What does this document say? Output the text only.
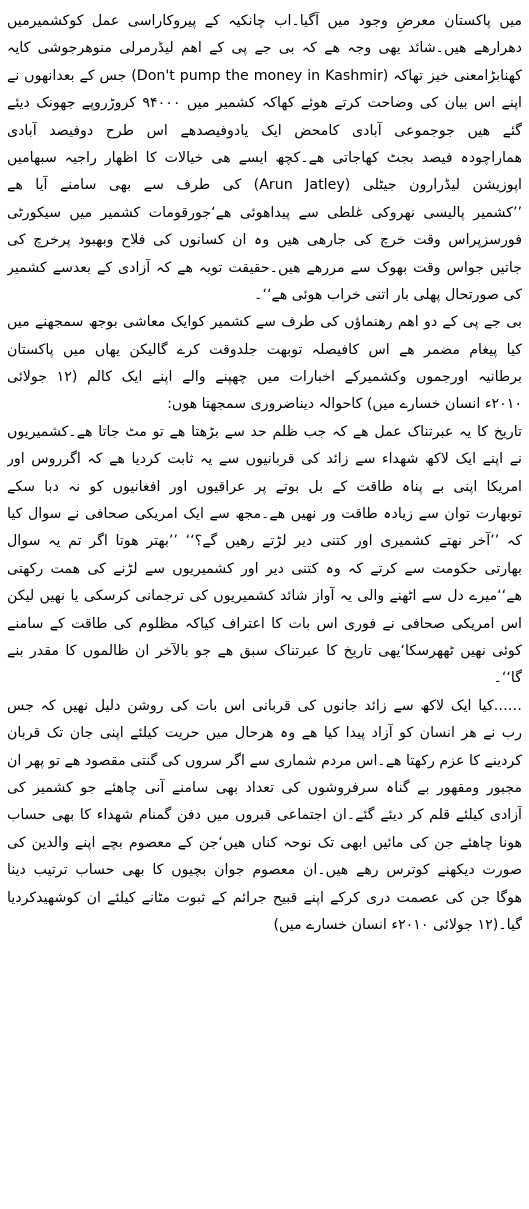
میں پاکستان معرضِ وجود میں آگیا۔اب چانکیہ کے پیروکاراسی عمل کوکشمیرمیں
دھرارھے ھیں۔شائد یھی وجہ ھے کہ بی جے پی کے اھم لیڈرمرلی منوھرجوشی کایہ
کھنابڑامعنی خیز تھاکہ (Don't pump the money in Kashmir) جس کے بعدانھوں نے
اپنے اس بیان کی وضاحت کرتے ھوئے کھاکہ کشمیر میں ۹۴۰۰۰ کروڑروپے جھونک دیئے
گئے ھیں جوجموعی آبادی کامحض ایک یادوفیصدھے اس طرح دوفیصد آبادی
ھماراچودہ فیصد بجٹ کھاجاتی ھے۔کچھ ایسے ھی خیالات کا اظھار راجیہ سبھامیں
اپوزیشن لیڈرارون جیٹلی (Arun Jatley) کی طرف سے بھی سامنے آیا ھے
’’کشمیر پالیسی نھروکی غلطی سے پیداھوئی ھے‘جورقومات کشمیر میں سیکورٹی
فورسزپراس وقت خرچ کی جارھی ھیں وہ ان کسانوں کی فلاح وبھبود پرخرچ کی
جاتیں جواس وقت بھوک سے مررھے ھیں۔حقیقت تویہ ھے کہ آزادی کے بعدسے کشمیر
کی صورتحال پھلی بار اتنی خراب ھوئی ھے‘‘۔
بی جے پی کے دو اھم رھنماؤں کی طرف سے کشمیر کوایک معاشی بوجھ سمجھنے میں
کیا پیغام مضمر ھے اس کافیصلہ توبھت جلدوقت کرے گالیکن یھاں میں پاکستان
برطانیہ اورجموں وکشمیرکے اخبارات میں چھپنے والے اپنے ایک کالم (۱۲ جولائی
۲۰۱۰ء انسان خسارے میں) کاحوالہ دیناضروری سمجھتا ھوں:
تاریخ کا یہ عبرتناک عمل ھے کہ جب ظلم حد سے بڑھتا ھے تو مٹ جاتا ھے۔کشمیریوں
نے اپنے ایک لاکھ شھداء سے زائد کی قربانیوں سے یہ ثابت کردیا ھے کہ اگرروس اور
امریکا اپنی بے پناہ طاقت کے بل بوتے پر عراقیوں اور افغانیوں کو نہ دبا سکے
توبھارت توان سے زیادہ طاقت ور نھیں ھے۔مجھ سے ایک امریکی صحافی نے سوال کیا
کہ ’’آخر نھتے کشمیری اور کتنی دیر لڑتے رھیں گے؟‘‘ ’’بھتر ھوتا اگر تم یہ سوال
بھارتی حکومت سے کرتے کہ وہ کتنی دیر اور کشمیریوں سے لڑنے کی ھمت رکھتی
ھے‘‘میرے دل سے اٹھنے والی یہ آواز شائد کشمیریوں کی ترجمانی کرسکی یا نھیں لیکن
اس امریکی صحافی نے فوری اس بات کا اعتراف کیاکہ مظلوم کی طاقت کے سامنے
کوئی نھیں ٹھھرسکا‘یھی تاریخ کا عبرتناک سبق ھے جو بالآخر ان ظالموں کا مقدر بنے
گا‘‘۔
……کیا ایک لاکھ سے زائد جانوں کی قربانی اس بات کی روشن دلیل نھیں کہ جس
رب نے ھر انسان کو آزاد پیدا کیا ھے وہ ھرحال میں حریت کیلئے اپنی جان تک قربان
کردینے کا عزم رکھتا ھے۔اس مردم شماری سے اگر سروں کی گنتی مقصود ھے تو پھر ان
مجبور ومقھور بے گناہ سرفروشوں کی تعداد بھی سامنے آنی چاھئے جو کشمیر کی
آزادی کیلئے قلم کر دیئے گئے۔ان اجتماعی قبروں میں دفن گمنام شھداء کا بھی حساب
ھونا چاھئے جن کی مائیں ابھی تک نوحہ کناں ھیں‘جن کے معصوم بچے اپنے والدین کی
صورت دیکھنے کوترس رھے ھیں۔ان معصوم جوان بچیوں کا بھی حساب ترتیب دینا
ھوگا جن کی عصمت دری کرکے اپنے قبیح جرائم کے ثبوت مٹانے کیلئے ان کوشھیدکردیا
گیا۔(۱۲ جولائی ۲۰۱۰ء انسان خسارے میں)
